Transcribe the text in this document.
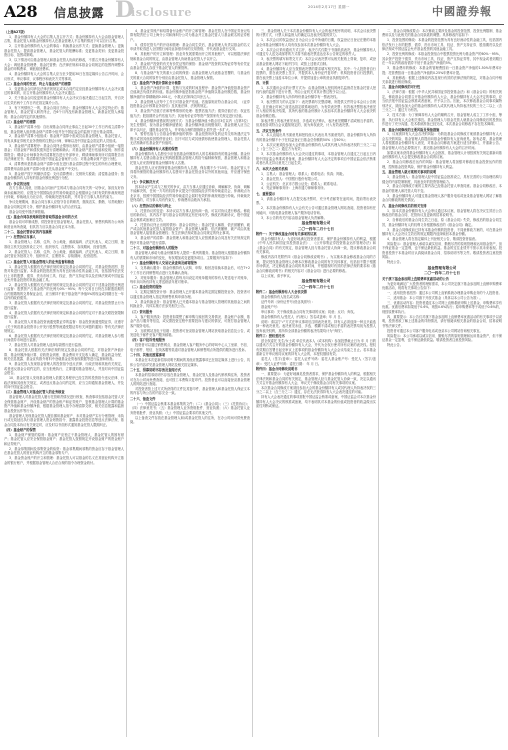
A28 信息披露 D
isclosure	2014年2月17日 星期一	中國證券報
（上接A27版）
1、基金份额持有人大会的召集人及召开方式；基金份额持有人大会由基金管理人召集，基金托管人和基金份额持有人在基金管理人不召集的情况下可以自行召集。
2、召开基金份额持有人大会的事由：转换基金运作方式；更换基金管理人；更换基金托管人；提高基金管理人、基金托管人的报酬标准；变更基金类别；变更基金投资目标、范围或策略。
3、以下情况可由基金管理人和基金托管人协商后修改，不需召开基金份额持有人大会：调低基金管理费、基金托管费；在法律法规和本基金合同规定的范围内调整本基金的申购费率、调低赎回费率。
4、基金份额持有人大会的召集人应当至少提前30日在指定媒体公告召开时间、会议形式、审议事项、议事程序和表决方式等事项。
（二）基金合同的变更、终止与基金财产的清算
1、变更基金合同涉及法律法规规定或本合同约定应经基金份额持有人大会决议通过的事项的，应召开基金份额持有人大会决议通过。
2、关于基金合同变更的基金份额持有人大会决议自表决通过之日起生效，并自决议生效后两个工作日内在指定媒介公告。
3、有下列情形之一的，基金合同应当终止：基金份额持有人大会决定终止的；基金管理人、基金托管人职责终止，在6个月内没有新基金管理人、新基金托管人承接的；基金合同约定的其他情形。
（三）基金财产的清算
1、基金财产清算小组：自出现基金合同终止事由之日起30个工作日内成立清算小组，基金管理人组织基金财产清算小组并在中国证监会的监督下进行基金清算。
2、基金财产清算小组组成：基金财产清算小组成员由基金管理人、基金托管人、具有从事证券相关业务资格的注册会计师、律师以及中国证监会指定的人员组成。
3、基金财产清算程序：基金合同终止情形出现时，由基金财产清算小组统一接管基金；对基金财产和债权债务进行清理和确认；对基金财产进行估值和变现；制作清算报告；聘请会计师事务所对清算报告进行外部审计，聘请律师事务所对清算报告出具法律意见书；将清算报告报中国证监会备案并公告；对基金剩余财产进行分配。
4、清算费用是指基金财产清算小组在进行基金清算过程中发生的所有合理费用，清算费用由基金财产清算小组优先从基金财产中支付。
5、基金财产按下列顺序清偿：支付清算费用；交纳所欠税款；清偿基金债务；按基金份额持有人持有的基金份额比例进行分配。
（四）争议的处理
各方当事人同意，因基金合同而产生的或与基金合同有关的一切争议，如经友好协商未能解决的，应提交中国国际经济贸易仲裁委员会根据该会当时有效的仲裁规则进行仲裁，仲裁地点为北京市，仲裁裁决是终局的，并对各方当事人具有约束力。
争议处理期间，基金合同当事人应恪守各自的职责，继续忠实、勤勉、尽责地履行基金合同规定的义务，维护基金份额持有人的合法权益。
基金合同受中国法律管辖。
（五）基金合同存放地和投资者取得基金合同的方式
基金合同可印制成册，供投资者在基金管理人、基金托管人、销售机构的办公场所和营业场所查阅，但其效力应以基金合同正本为准。
二十二、基金托管协议的内容摘要
（一）托管协议当事人
1、基金管理人；名称、住所、办公地址、邮政编码、法定代表人、成立日期、批准设立机关及批准设立文号、组织形式、注册资本、存续期间、经营范围。
2、基金托管人；名称、住所、办公地址、邮政编码、法定代表人、成立日期、基金托管业务批准文号、组织形式、注册资本、存续期间、经营范围。
（二）基金托管人对基金管理人的业务监督和核查
1、基金托管人根据有关法律法规的规定及基金合同的约定，对基金投资范围、投资对象进行监督。本基金的投资范围为具有良好流动性的金融工具，包括国内依法发行上市的股票、债券、货币市场工具、权证、资产支持证券以及法律法规或中国证监会允许基金投资的其他金融工具。
2、基金托管人根据有关法律法规的规定及基金合同的约定对下述基金投资比例进行监督：股票资产占基金资产的比例为0%－95%；每个交易日日终在扣除股指期货合约需缴纳的交易保证金后，应当保持不低于基金资产净值5%的现金或到期日在一年以内的政府债券。
3、基金托管人根据有关法律法规的规定及基金合同的约定，对基金投资禁止行为进行监督。
4、基金托管人依据有关法律法规的规定和基金合同的约定对于基金关联投资限制进行监督。
5、基金托管人对基金投资流通受限证券的监督：基金投资流通受限证券，应遵守《关于规范基金投资非公开发行股票等流通受限证券有关问题的通知》等有关法律法规规定。
6、基金托管人根据有关法律法规的规定及基金合同的约定，对基金管理人参与银行间债券市场进行监督。
7、基金托管人对基金管理人选择存款银行进行监督。
8、基金托管人根据有关法律法规的规定及基金合同的约定，对基金资产净值计算、基金份额净值计算、应收资金到账、基金费用开支及收入确定、基金收益分配、相关信息披露、基金宣传推介材料中登载基金业绩表现数据等进行监督和核查。
9、基金托管人发现基金管理人的投资指令违反法律、行政法规和其他有关规定，或者违反基金合同约定的，应当拒绝执行，立即通知基金管理人，并及时向中国证监会报告。
10、基金托管人发现基金管理人依据交易程序已经生效的投资指令违反法律、行政法规和其他有关规定，或者违反基金合同约定的，应当立即通知基金管理人，并及时向中国证监会报告。
（三）基金管理人对基金托管人的业务核查
基金管理人对基金托管人履行托管职责情况进行核查，核查事项包括基金托管人安全保管基金财产、开设基金财产的资金账户和证券账户、复核基金管理人计算的基金资产净值和基金份额净值、根据基金管理人指令办理清算交收、相关信息披露和监督基金投资运作等行为。
基金管理人发现基金托管人擅自挪用基金财产、未对基金财产实行分账管理、未执行或无故延迟执行基金管理人资金划拨指令、泄露基金投资信息等违反法律法规、基金合同及本协议有关规定时，应及时以书面形式通知基金托管人限期纠正。
（四）基金财产的保管
1、基金财产保管的原则：基金财产应独立于基金管理人、基金托管人的固有财产；基金托管人应安全保管基金财产；基金托管人按照规定开设基金财产的资金账户和证券账户。
2、基金募集期间及募集资金的验资：基金募集期间募集的资金应存于基金管理人在基金托管人的营业机构开立的基金募集专户。
3、基金资金账户的开立和管理：基金托管人可以基金的名义在其营业机构开立基金的银行账户，并根据基金管理人合法合规的指令办理资金收付。
4、基金证券账户和结算备付金账户的开立和管理：基金托管人在中国证券登记结算有限责任公司上海分公司和深圳分公司为基金开立基金托管人与基金联名的证券账户。
5、债券托管专户的开设和管理：基金合同生效后，基金管理人负责以基金的名义申请并取得进入全国银行间同业拆借市场的交易资格，并代表基金进行交易。
6、其他账户的开立和管理：因业务发展需要而开立的其他账户，可以根据法律法规和基金合同的规定，由基金管理人协助基金托管人予以开立。
7、基金财产投资的有关有价凭证等的保管：基金财产投资的实物证券等有价凭证由基金托管人存放于基金托管人的保管库。
8、与基金财产有关的重大合同的保管：由基金管理人代表基金签署的、与基金有关的重大合同的原件分别应由基金托管人、基金管理人保管。
（五）基金资产净值计算和会计核算
1、基金资产净值的计算、复核与完成的时间及程序：基金资产净值是指基金资产总值减去负债后的价值。基金份额净值是指基金资产净值除以基金份额总数，基金份额净值的计算精确到0.001元，小数点后第四位四舍五入。
2、基金管理人应每个工作日对基金资产估值。估值原则应符合基金合同、《证券投资基金会计核算业务指引》及其他法律、法规的规定。
3、基金资产估值方法和特殊情形的处理：股票估值方法；债券估值方法；权证估值方法；股指期货合约估值方法；其他有价证券等资产按国家有关规定进行估值。
4、基金份额净值错误的处理方式：当基金份额净值小数点后3位以内（含第3位）发生差错时，视为基金份额净值错误；基金份额净值出现错误时，基金管理人应当立即予以纠正，通报基金托管人，并采取合理的措施防止损失进一步扩大。
5、暂停估值与公告基金份额净值的情形：基金投资所涉及的证券交易所遇法定节假日或因其他原因暂停营业时；因不可抗力或其他情形致使基金管理人、基金托管人无法准确评估基金资产价值时。
（六）基金份额持有人名册的保管
基金份额持有人名册至少应包括基金份额持有人的名称和持有的基金份额。基金份额持有人名册由基金登记机构根据基金管理人的指令编制和保管，基金管理人和基金托管人应妥善保管基金份额持有人名册。
基金托管人应妥善保管基金份额持有人名册，保存期不少于15年。基金托管人不得将所保管的基金份额持有人名册用于基金托管业务以外的其他用途，并应遵守保密义务。
（七）争议解决方式
因本协议产生或与之相关的争议，双方当事人应通过协商、调解解决，协商、调解不能解决的，任何一方均有权将争议提交中国国际经济贸易仲裁委员会，仲裁地点为北京市，按照中国国际经济贸易仲裁委员会届时有效的仲裁规则进行仲裁。仲裁裁决是终局的，对当事人均有约束力，仲裁费用由败诉方承担。
（八）托管协议的修改与终止
1、托管协议的变更：本协议双方当事人经协商一致，可以对协议进行修改。修改后的新协议，其内容不得与基金合同的规定有任何冲突。修改后的新协议，报中国证监会核准或备案后生效。
2、托管协议终止出现的情形：基金合同终止；基金托管人解散、依法被撤销、破产或由其他基金托管人接管基金资产；基金管理人解散、依法被撤销、破产或由其他基金管理人接管基金管理权；发生法律法规或基金合同规定的终止事项。
3、基金财产的清算：基金管理人和基金托管人应按照基金合同及有关法规规定的程序对基金财产进行清算。
二十三、对基金份额持有人的服务
基金管理人承诺为基金份额持有人提供一系列的服务。基金管理人根据基金份额持有人的需要和市场的变化，有权增加或变更服务项目。主要服务内容如下：
（一）基金份额持有人交易记录查询及邮寄服务
1、交易确认服务：基金份额持有人认购、申购、赎回及转换本基金后，可在T+2个工作日后到销售网点进行交易确认查询。
2、对账单服务：基金管理人将每月向设定对账单服务的持有人寄送电子对账单，每年末向所有持有人寄送纸质年度对账单。
（二）基金投资的服务
1、定期定额投资计划：基金管理人已开通本基金的定期定额投资业务，投资者可以通过基金管理人指定的销售机构申请办理。
2、基金转换业务：基金管理人已开通本基金与基金管理人管理的其他基金之间的转换业务，具体实施方法参见相关公告。
（三）资讯服务
1、客户服务热线：投资者如果想了解申购与赎回的交易情况、基金账户余额、基金产品与服务等信息，或反馈投资过程中需要投诉与建议的情况，可拨打基金管理人客户服务电话。
2、互联网站及电子信箱：投资者可登录基金管理人网站获取基金信息及公告，或发送电子邮件至客户服务邮箱。
（四）客户投诉受理服务
投资者可以通过销售网点、基金管理人客户服务中心的呼叫中心人工坐席、书信、电子邮件、短信、在线客服等渠道对基金管理人和销售网点所提供的服务进行投诉。
二十四、其他应披露事项
本基金在本次更新招募说明书期间的其他应披露事项已在指定媒体上进行公告，具体公告内容详见基金管理人网站及相关指定媒体。
二十五、招募说明书存放及查阅方式
本基金的招募说明书存放在基金管理人、基金托管人及基金代销机构住所，投资者可在办公时间免费查阅，也可按工本费购买复印件。投资者也可以直接登录基金管理人的网站进行查阅。
对投资者按上述方式所获得的文件及其复印件，基金管理人和基金托管人保证文本的内容与所公告的内容完全一致。
二十六、备查文件
（一）中国证监会核准本基金募集的文件；（二）《基金合同》；（三）《托管协议》；（四）法律意见书；（五）基金管理人业务资格批件、营业执照；（六）基金托管人业务资格批件、营业执照；（七）中国证监会要求的其他文件。
以上备查文件存放在基金管理人和/或基金托管人的住所，在办公时间可供免费查阅。
三、基金管理人关于本次基金份额持有人大会的表决程序的说明，本次会议表决票的计票方式、计票人和监督人的确定以及表决结果的效力。
1、本次会议的权益登记日为会议公告中所载的日期，权益登记日登记在册的本基金全体基金份额持有人均有权参加本次基金份额持有人大会。
2、本次会议采用通讯方式召开，表决方式仅限于书面纸质表决，基金份额持有人可通过专人送交或邮寄的方式将书面表决票送达至本公告规定的收件人。
3、表决票的填写和寄交方式：本次会议表决票可从相关报纸上剪裁、复印，或登录基金管理人网站下载并打印，或按上述格式自制。
4、基金份额持有人应当按照表决票的要求填写相关内容，其中：个人投资者自行投票的，需在表决票上签字，并提供本人身份证件复印件；机构投资者自行投票的，需在表决票上加盖本单位公章，并提供加盖公章的营业执照复印件。
四、计票
1、本次通讯会议的计票方式为：由基金管理人授权的两名监督员在基金托管人授权代表的监督下进行计票，并由公证机关对其计票过程予以公证。
2、基金份额持有人所持每份基金份额享有一票表决权。
3、表决票效力的认定如下：表决票填写完整清晰，所提供文件符合本会议公告规定，且在截止时间之前送达指定联系地址的，为有效表决票；有效表决票按表决意见计入相应的表决结果，其所代表的基金份额计入参加本次基金份额持有人大会表决的基金份额总数。
如表决票上的表决意见未选、多选或无法辨认、表决意见模糊不清或相互矛盾的，但其他各项符合会议通知规定的，视为弃权表决，计入有效表决票。
五、决议生效条件
1、本人直接出具书面意见和授权他人代表出具书面意见的，基金份额持有人所持有的基金份额不小于在权益登记日基金总份额的50%（含50%）；
2、本次议案须经参加大会的基金份额持有人或其代理人所持表决权的三分之二以上（含三分之二）通过方为有效；
3、本次基金份额持有人大会决议通过的事项，本基金管理人自通过之日起五日内报中国证监会核准或者备案，基金份额持有人大会决定的事项自中国证监会依法核准或者出具无异议意见之日起生效。
六、本次大会相关机构
1、召集人：基金管理人；联系人；联系电话；传真；网址。
2、基金托管人：中国银行股份有限公司。
3、公证机关：北京市方圆公证处；联系人；联系电话。
4、见证律师事务所：上海市通力律师事务所。
七、重要提示
1、请基金份额持有人在提交表决票时，充分考虑邮寄在途时间，提前寄出表决票。
2、本次基金份额持有人大会有关公告可通过基金管理人网站查阅，投资者如有任何疑问，可致电基金管理人客户服务电话咨询。
3、本公告的有关内容由基金管理人负责解释。
基金管理有限公司
二〇一四年二月十七日
附件一：关于修改基金合同有关事项的议案
基金份额持有人：为更好地满足投资者需求，保护基金份额持有人的利益，根据《中华人民共和国证券投资基金法》、《公开募集证券投资基金运作管理办法》和《基金合同》的有关规定，基金管理人经与基金托管人协商一致，提议修改基金合同有关事项。
修改内容详见附件四《基金合同修改说明书》。为实施本基金修改基金合同的方案，提议授权基金管理人办理本次修改基金合同的有关具体事宜，包括但不限于根据市场情况，决定修改基金合同的具体时间，并根据现时有效的法律法规的要求和《基金合同修改说明书》的相关内容对《基金合同》进行必要的修改。
以上议案，请予审议。
基金管理有限公司
二〇一四年二月十七日
附件二：基金份额持有人大会表决票
基金份额持有人姓名或名称：
证件号码（身份证件号/营业执照号）：
基金账户号：
审议事项：关于修改基金合同有关事项的议案；同意；反对；弃权。
基金份额持有人/受托人（代理人）签名或盖章；年 月 日。
说明：请以打"√"方式在审议事项后注明表决意见。持有人必须选择一种且只能选择一种表决意见。表决意见未选、多选、模糊不清或相互矛盾的表决票均视为投票人放弃表决权利，其所持全部基金份额的表决结果均计为"弃权"。
附件三：授权委托书
兹全权委托 先生/女士或 单位代表本人（或本机构）参加投票截止日为 年 月 日的以通讯方式召开的基金份额持有人大会，并代为全权行使对所有议案的表决权。授权有效期自签署日起至审议上述事项的基金份额持有人大会会议结束之日止。若本基金重新召开审议相同议案的持有人大会的，本授权继续有效。
委托人（签字/盖章）：委托人证件号码：委托人基金账户号：受托人（签字/盖章）：受托人证件号码：委托日期： 年 月 日。
附件四：基金合同修改说明书
一、重要提示：为更好地满足投资者需求，保护基金份额持有人的利益，根据相关法律法规和基金合同的有关规定，基金管理人经与基金托管人协商一致，决定以通讯方式召开基金份额持有人大会，审议关于修改基金合同有关事项的议案。
本次基金合同修改方案须经参加大会的基金份额持有人或其代理人所持表决权的三分之二以上（含三分之二）通过，存在无法获得持有人大会表决通过的可能。
持有人大会表决通过的事项需报中国证监会核准或备案，中国证监会对本次基金份额持有人大会决议的核准或备案，均不表明其对本基金的价值或投资者的收益做出实质性判断或保证。
二、基金合同修改要点：本次修改主要涉及基金的投资范围、投资比例限制、基金费用以及与此相关的基金合同条款的调整。具体修改内容如下：
1、投资范围的修改：本基金的投资范围为具有良好流动性的金融工具，包括国内依法发行上市的股票、债券、货币市场工具、权证、资产支持证券、股指期货以及法律法规或中国证监会允许基金投资的其他金融工具。
2、投资比例的修改：本基金投资组合中股票投资比例为基金资产的60%－95%，其余资产投资于债券、货币市场工具、权证、资产支持证券等，其中现金或者到期日在一年以内的政府债券不低于基金资产净值的5%。
3、基金费用的修改：本基金的管理费按前一日基金资产净值的1.50%年费率计提；托管费按前一日基金资产净值的0.25%年费率计提。
4、其他修改：根据上述修改内容及现行有效的法律法规的规定，对基金合同中相关条款进行相应修改。
三、基金合同修改的可行性
1、法律方面：根据《中华人民共和国证券投资基金法》和《基金合同》的相关规定，修改基金合同需召开基金份额持有人大会，基金份额持有人大会决定的事项，应当依法报中国证监会核准或者备案，并予以公告。因此，本次修改基金合同事项属特别决议，须经参加大会的基金份额持有人或其代理人所持表决权的三分之二以上（含三分之二）通过方为有效。
2、技术方面：为了保障持有人大会的顺利召开，基金管理人成立了工作小组，筹备、执行持有人大会相关事宜。基金管理人与基金托管人就基金合同修改后的投资运作进行了充分沟通，技术系统准备已经完成，本次基金合同修改不存在技术障碍。
四、基金合同修改的主要风险及预备措施
1、议案被持有人大会否决的风险：为防范基金合同修改方案被基金份额持有人大会否决的风险，基金管理人将提前向基金份额持有人征询意见。如有必要，基金管理人将根据基金份额持有人意见，对基金合同修改方案进行适当的修订，并重新公告。基金管理人可在必要情况下，推迟基金份额持有人大会的召开时间。
如果议案未获得基金份额持有人大会批准，基金管理人计划按照有关规定重新向基金份额持有人大会提交修改基金合同的议案。
2、基金合同修改后运作的风险：基金管理人将加强对修改后基金投资运作的管理，控制基金投资风险，保护基金份额持有人利益。
五、基金管理人就方案相关事项的说明
1、基金管理人：基金管理人经中国证监会批准设立，具有完善的公司治理结构与健全的内部控制制度，具备良好的投资管理能力。
2、基金合同修改方案的主要内容已经基金托管人审查同意。基金合同修改后，本基金的管理人和托管人均不变。
3、基金份额持有人可通过基金管理人客户服务电话或登录基金管理人网站了解基金合同修改的相关情况。
六、基金合同修改后的相关安排
1、如本次基金份额持有人大会审议通过本议案，基金管理人将在决议生效后公告修改后的基金合同、托管协议及更新的招募说明书。
2、自修改后的基金合同生效之日起，原《基金合同》失效，修改后的基金合同生效，基金份额持有人的权利义务根据修改后的《基金合同》确定。
3、基金合同修改前已持有本基金份额的投资者，不同意修改方案的，可在基金份额持有人大会决议生效后的规定期限内选择赎回本基金份额。
4、基金管理人将在指定媒体上刊登相关公告，敬请投资者留意。
风险提示：基金管理人承诺以诚实信用、勤勉尽责的原则管理和运用基金资产，但不保证基金一定盈利，也不保证最低收益。基金的过往业绩并不预示其未来表现。投资者投资于本基金时应认真阅读基金合同、招募说明书等文件。敬请投资者注意投资风险。
特此公告。
基金管理有限公司
二〇一四年二月十七日
关于旗下基金参加网上直销费率优惠活动的公告
为更好地满足广大投资者的理财需求，本公司决定旗下基金参加网上直销申购费率优惠活动，现将有关事项公告如下：
一、适用投资者范围：通过本公司网上直销系统办理基金申购业务的个人投资者。
二、适用基金：本公司旗下开放式基金（具体以本公司公告为准）。
三、优惠活动内容：投资者通过本公司网上直销系统申购上述基金，申购费率享有优惠。优惠后费率如果低于0.6%，则按0.6%执行；原申购费率等于或低于0.6%的，则按原费率执行。
四、重要提示：本公告仅对旗下基金参加网上直销费率优惠活动的有关事项予以说明，投资者欲了解上述基金的详细情况，请仔细阅读相关基金的基金合同、招募说明书等法律文件。
投资者可通过本公司客户服务电话或登录本公司网站咨询相关事宜。
风险提示：本公司承诺以诚实信用、勤勉尽责的原则管理和运用基金资产，但不保证基金一定盈利，也不保证最低收益。敬请投资者注意投资风险。
特此公告。
